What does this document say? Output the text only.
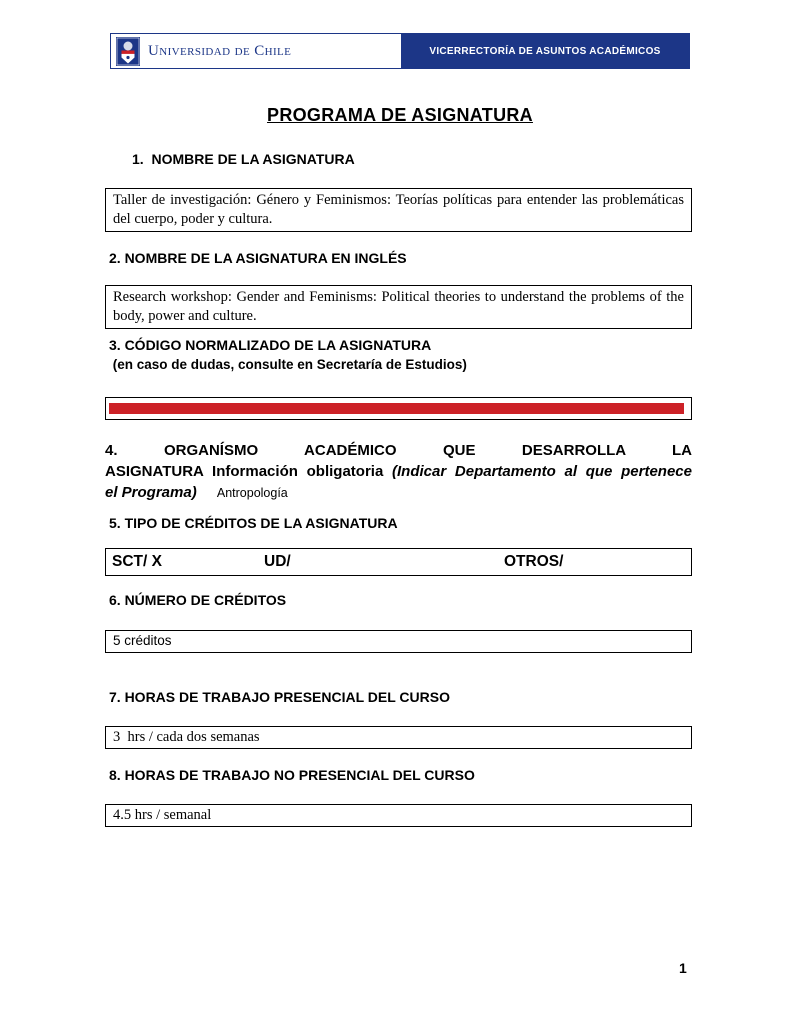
Universidad de Chile	VICERRECTORÍA DE ASUNTOS ACADÉMICOS
PROGRAMA DE ASIGNATURA
1.  NOMBRE DE LA ASIGNATURA
Taller de investigación: Género y Feminismos: Teorías políticas para entender las problemáticas del cuerpo, poder y cultura.
2. NOMBRE DE LA ASIGNATURA EN INGLÉS
Research workshop: Gender and Feminisms: Political theories to understand the problems of the body, power and culture.
3. CÓDIGO NORMALIZADO DE LA ASIGNATURA
(en caso de dudas, consulte en Secretaría de Estudios)
4. ORGANÍSMO ACADÉMICO QUE DESARROLLA LA
ASIGNATURA Información obligatoria (Indicar Departamento al que pertenece
el Programa) Antropología
5. TIPO DE CRÉDITOS DE LA ASIGNATURA
SCT/ X	UD/	OTROS/
6. NÚMERO DE CRÉDITOS
5 créditos
7. HORAS DE TRABAJO PRESENCIAL DEL CURSO
3  hrs / cada dos semanas
8. HORAS DE TRABAJO NO PRESENCIAL DEL CURSO
4.5 hrs / semanal
1
